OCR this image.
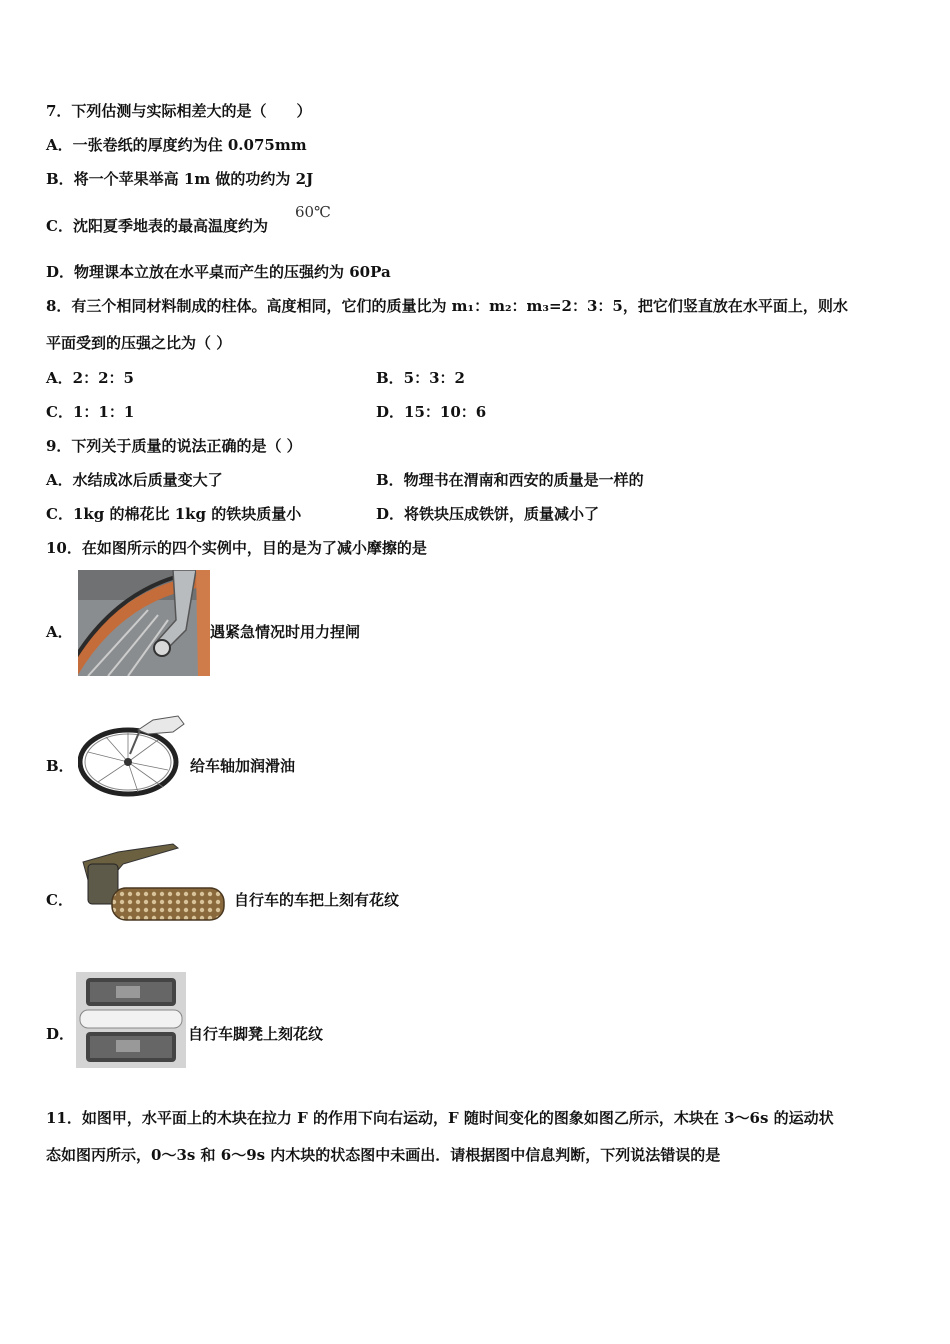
7．下列估测与实际相差大的是（　　）
A．一张卷纸的厚度约为住 0.075mm
B．将一个苹果举高 1m 做的功约为 2J
C．沈阳夏季地表的最高温度约为
60℃
D．物理课本立放在水平桌而产生的压强约为 60Pa
8．有三个相同材料制成的柱体。高度相同，它们的质量比为 m₁：m₂：m₃=2：3：5，把它们竖直放在水平面上，则水
平面受到的压强之比为（ ）
A．2：2：5	B．5：3：2
C．1：1：1	D．15：10：6
9．下列关于质量的说法正确的是（ ）
A．水结成冰后质量变大了	B．物理书在渭南和西安的质量是一样的
C．1kg 的棉花比 1kg 的铁块质量小	D．将铁块压成铁饼，质量减小了
10．在如图所示的四个实例中，目的是为了减小摩擦的是
A．	遇紧急情况时用力捏闸
B．	给车轴加润滑油
C．	自行车的车把上刻有花纹
D．	自行车脚凳上刻花纹
11．如图甲，水平面上的木块在拉力 F 的作用下向右运动，F 随时间变化的图象如图乙所示，木块在 3～6s 的运动状
态如图丙所示，0～3s 和 6～9s 内木块的状态图中未画出．请根据图中信息判断，下列说法错误的是
